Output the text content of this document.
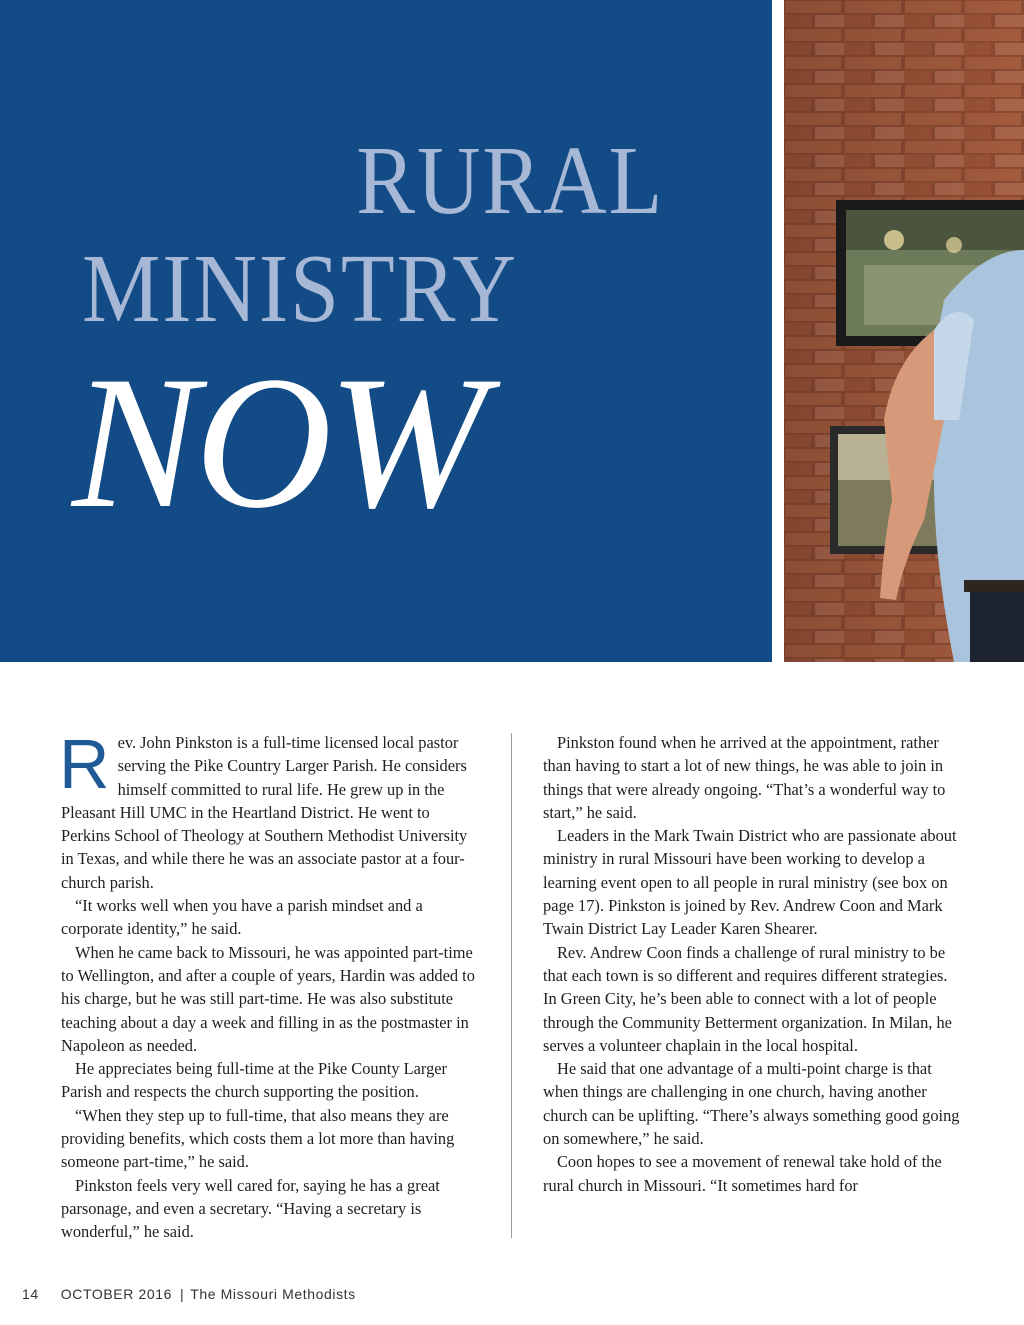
RURAL
MINISTRY
NOW

Rev. John Pinkston is a full-time licensed local pastor serving the Pike Country Larger Parish. He considers himself committed to rural life. He grew up in the Pleasant Hill UMC in the Heartland District. He went to Perkins School of Theology at Southern Methodist University in Texas, and while there he was an associate pastor at a four-church parish.

“It works well when you have a parish mindset and a corporate identity,” he said.

When he came back to Missouri, he was appointed part-time to Wellington, and after a couple of years, Hardin was added to his charge, but he was still part-time. He was also substitute teaching about a day a week and filling in as the postmaster in Napoleon as needed.

He appreciates being full-time at the Pike County Larger Parish and respects the church supporting the position.

“When they step up to full-time, that also means they are providing benefits, which costs them a lot more than having someone part-time,” he said.

Pinkston feels very well cared for, saying he has a great parsonage, and even a secretary. “Having a secretary is wonderful,” he said.

Pinkston found when he arrived at the appointment, rather than having to start a lot of new things, he was able to join in things that were already ongoing. “That’s a wonderful way to start,” he said.

Leaders in the Mark Twain District who are passionate about ministry in rural Missouri have been working to develop a learning event open to all people in rural ministry (see box on page 17). Pinkston is joined by Rev. Andrew Coon and Mark Twain District Lay Leader Karen Shearer.

Rev. Andrew Coon finds a challenge of rural ministry to be that each town is so different and requires different strategies. In Green City, he’s been able to connect with a lot of people through the Community Betterment organization. In Milan, he serves a volunteer chaplain in the local hospital.

He said that one advantage of a multi-point charge is that when things are challenging in one church, having another church can be uplifting. “There’s always something good going on somewhere,” he said.

Coon hopes to see a movement of renewal take hold of the rural church in Missouri. “It sometimes hard for

14 OCTOBER 2016 | The Missouri Methodists
